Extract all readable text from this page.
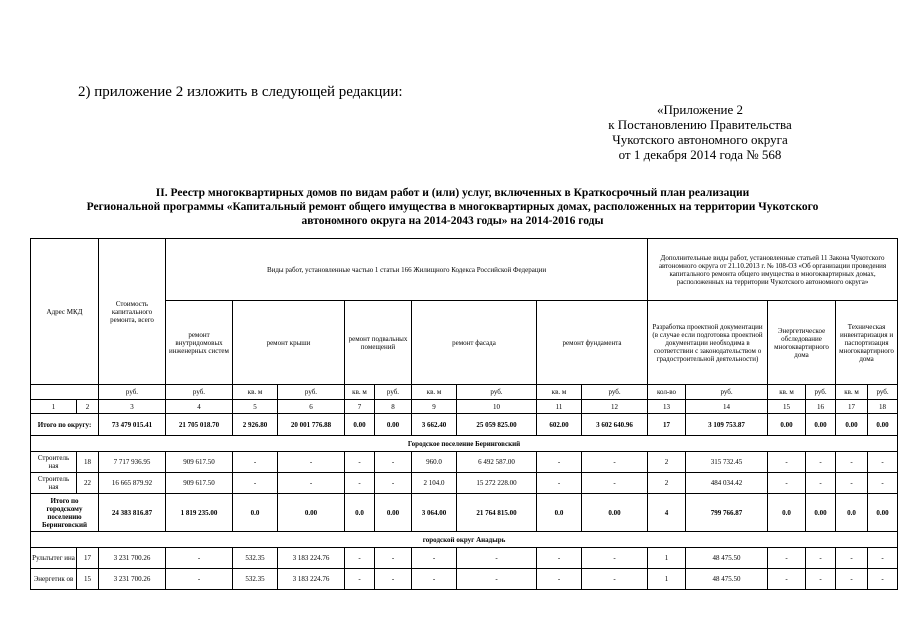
2) приложение 2 изложить в следующей редакции:
«Приложение 2
к Постановлению Правительства
Чукотского автономного округа
от 1 декабря 2014 года № 568
II. Реестр многоквартирных домов по видам работ и (или) услуг, включенных в Краткосрочный план реализации
Региональной программы «Капитальный ремонт общего имущества в многоквартирных домах, расположенных на территории Чукотского
автономного округа на 2014-2043 годы» на 2014-2016 годы
Адрес МКД		Стоимость капитального ремонта, всего	Виды работ, установленные частью 1 статьи 166 Жилищного Кодекса Российской Федерации									Дополнительные виды работ, установленные статьей 11 Закона Чукотского автономного округа от 21.10.2013 г. № 108-ОЗ «Об организации проведения капитального ремонта общего имущества в многоквартирных домах, расположенных на территории Чукотского автономного округа»					
			ремонт внутридомовых инженерных систем	ремонт крыши		ремонт подвальных помещений		ремонт фасада		ремонт фундамента		Разработка проектной документации (в случае если подготовка проектной документации необходима в соответствии с законодательством о градостроительной деятельности)		Энергетическое обследование многоквартирного дома		Техническая инвентаризация и паспортизация многоквартирного дома	
		руб.	руб.	кв. м	руб.	кв. м	руб.	кв. м	руб.	кв. м	руб.	кол-во	руб.	кв. м	руб.	кв. м	руб.
1	2	3	4	5	6	7	8	9	10	11	12	13	14	15	16	17	18
Итого по округу:		73 479 015.41	21 705 018.70	2 926.80	20 001 776.88	0.00	0.00	3 662.40	25 059 825.00	602.00	3 602 640.96	17	3 109 753.87	0.00	0.00	0.00	0.00
Городское поселение Беринговский																	
Строитель ная	18	7 717 936.95	909 617.50	-	-	-	-	960.0	6 492 587.00	-	-	2	315 732.45	-	-	-	-
Строитель ная	22	16 665 879.92	909 617.50	-	-	-	-	2 104.0	15 272 228.00	-	-	2	484 034.42	-	-	-	-
Итого по городскому поселению Беринговский		24 383 816.87	1 819 235.00	0.0	0.00	0.0	0.00	3 064.00	21 764 815.00	0.0	0.00	4	799 766.87	0.0	0.00	0.0	0.00
городской округ Анадырь																	
Рультытег ина	17	3 231 700.26	-	532.35	3 183 224.76	-	-	-	-	-	-	1	48 475.50	-	-	-	-
Энергетик ов	15	3 231 700.26	-	532.35	3 183 224.76	-	-	-	-	-	-	1	48 475.50	-	-	-	-
